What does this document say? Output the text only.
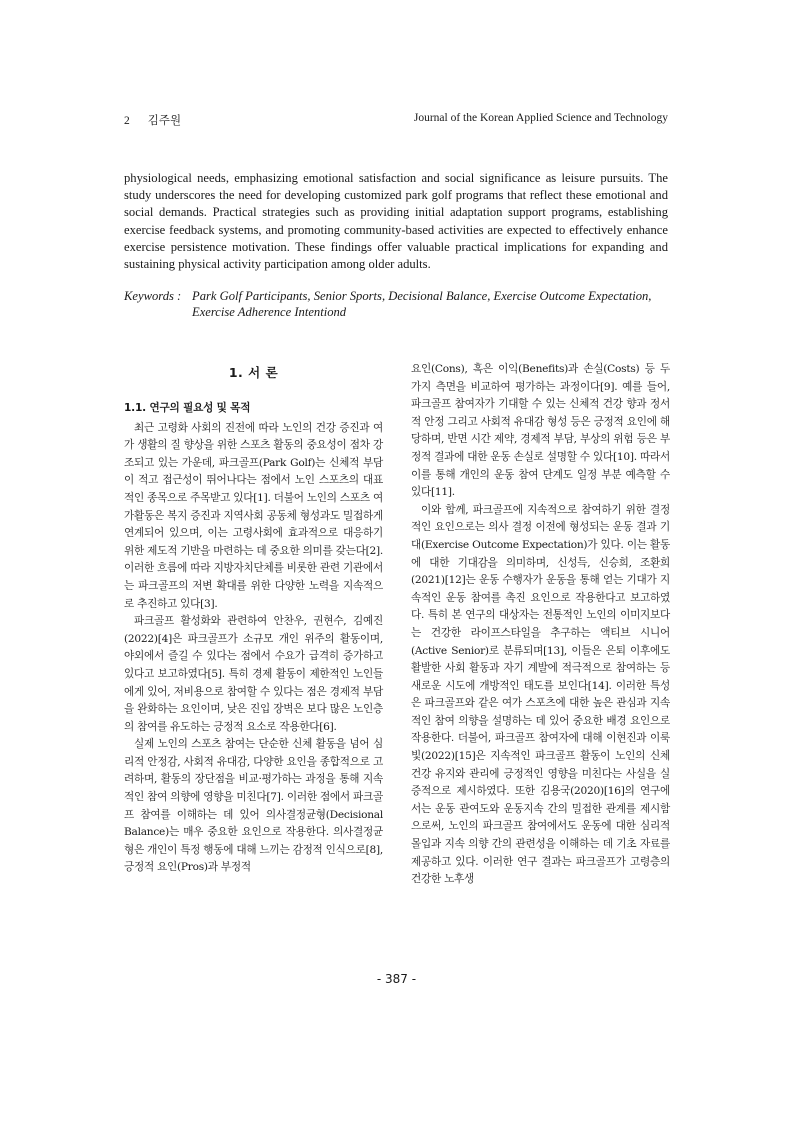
2 김주원	Journal of the Korean Applied Science and Technology

physiological needs, emphasizing emotional satisfaction and social significance as leisure pursuits. The study underscores the need for developing customized park golf programs that reflect these emotional and social demands. Practical strategies such as providing initial adaptation support programs, establishing exercise feedback systems, and promoting community-based activities are expected to effectively enhance exercise persistence motivation. These findings offer valuable practical implications for expanding and sustaining physical activity participation among older adults.

Keywords : Park Golf Participants, Senior Sports, Decisional Balance, Exercise Outcome Expectation,
Exercise Adherence Intentiond
1. 서 론
1.1. 연구의 필요성 및 목적

최근 고령화 사회의 진전에 따라 노인의 건강 증진과 여가 생활의 질 향상을 위한 스포츠 활동의 중요성이 점차 강조되고 있는 가운데, 파크골프(Park Golf)는 신체적 부담이 적고 접근성이 뛰어나다는 점에서 노인 스포츠의 대표적인 종목으로 주목받고 있다[1]. 더불어 노인의 스포츠 여가활동은 복지 증진과 지역사회 공동체 형성과도 밀접하게 연계되어 있으며, 이는 고령사회에 효과적으로 대응하기 위한 제도적 기반을 마련하는 데 중요한 의미를 갖는다[2]. 이러한 흐름에 따라 지방자치단체를 비롯한 관련 기관에서는 파크골프의 저변 확대를 위한 다양한 노력을 지속적으로 추진하고 있다[3].

파크골프 활성화와 관련하여 안찬우, 권현수, 김예진(2022)[4]은 파크골프가 소규모 개인 위주의 활동이며, 야외에서 즐길 수 있다는 점에서 수요가 급격히 증가하고 있다고 보고하였다[5]. 특히 경제 활동이 제한적인 노인들에게 있어, 저비용으로 참여할 수 있다는 점은 경제적 부담을 완화하는 요인이며, 낮은 진입 장벽은 보다 많은 노인층의 참여를 유도하는 긍정적 요소로 작용한다[6].

실제 노인의 스포츠 참여는 단순한 신체 활동을 넘어 심리적 안정감, 사회적 유대감, 다양한 요인을 종합적으로 고려하며, 활동의 장단점을 비교·평가하는 과정을 통해 지속적인 참여 의향에 영향을 미친다[7]. 이러한 점에서 파크골프 참여를 이해하는 데 있어 의사결정균형(Decisional Balance)는 매우 중요한 요인으로 작용한다. 의사결정균형은 개인이 특정 행동에 대해 느끼는 감정적 인식으로[8], 긍정적 요인(Pros)과 부정적

요인(Cons), 혹은 이익(Benefits)과 손실(Costs) 등 두 가지 측면을 비교하여 평가하는 과정이다[9]. 예를 들어, 파크골프 참여자가 기대할 수 있는 신체적 건강 향과 정서적 안정 그리고 사회적 유대감 형성 등은 긍정적 요인에 해당하며, 반면 시간 제약, 경제적 부담, 부상의 위험 등은 부정적 결과에 대한 운동 손실로 설명할 수 있다[10]. 따라서 이를 통해 개인의 운동 참여 단계도 일정 부분 예측할 수 있다[11].

이와 함께, 파크골프에 지속적으로 참여하기 위한 결정적인 요인으로는 의사 결정 이전에 형성되는 운동 결과 기대(Exercise Outcome Expectation)가 있다. 이는 활동에 대한 기대감을 의미하며, 신성득, 신승희, 조환희(2021)[12]는 운동 수행자가 운동을 통해 얻는 기대가 지속적인 운동 참여를 촉진 요인으로 작용한다고 보고하였다. 특히 본 연구의 대상자는 전통적인 노인의 이미지보다는 건강한 라이프스타일을 추구하는 액티브 시니어(Active Senior)로 분류되며[13], 이들은 은퇴 이후에도 활발한 사회 활동과 자기 계발에 적극적으로 참여하는 등 새로운 시도에 개방적인 태도를 보인다[14]. 이러한 특성은 파크골프와 같은 여가 스포츠에 대한 높은 관심과 지속적인 참여 의향을 설명하는 데 있어 중요한 배경 요인으로 작용한다. 더불어, 파크골프 참여자에 대해 이현진과 이룩빛(2022)[15]은 지속적인 파크골프 활동이 노인의 신체 건강 유지와 관리에 긍정적인 영향을 미친다는 사실을 실증적으로 제시하였다. 또한 김용국(2020)[16]의 연구에서는 운동 관여도와 운동지속 간의 밀접한 관계를 제시함으로써, 노인의 파크골프 참여에서도 운동에 대한 심리적 몰입과 지속 의향 간의 관련성을 이해하는 데 기초 자료를 제공하고 있다. 이러한 연구 결과는 파크골프가 고령층의 건강한 노후생

- 387 -
